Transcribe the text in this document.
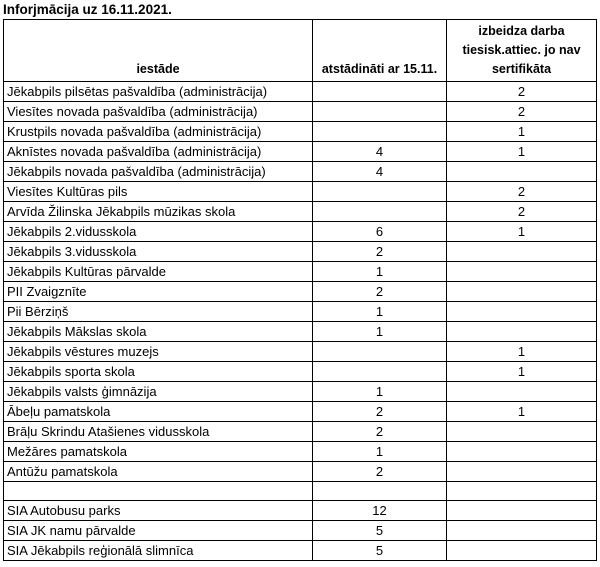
Inforjmācija uz 16.11.2021.
iestāde	atstādināti ar 15.11.	izbeidza darba tiesisk.attiec. jo nav sertifikāta
Jēkabpils pilsētas pašvaldība (administrācija)		2
Viesītes novada pašvaldība (administrācija)		2
Krustpils novada pašvaldība (administrācija)		1
Aknīstes novada pašvaldība (administrācija)	4	1
Jēkabpils novada pašvaldība (administrācija)	4	
Viesītes Kultūras pils		2
Arvīda Žilinska Jēkabpils mūzikas skola		2
Jēkabpils 2.vidusskola	6	1
Jēkabpils 3.vidusskola	2	
Jēkabpils Kultūras pārvalde	1	
PII Zvaigznīte	2	
Pii Bērziņš	1	
Jēkabpils Mākslas skola	1	
Jēkabpils vēstures muzejs		1
Jēkabpils sporta skola		1
Jēkabpils valsts ģimnāzija	1	
Ābeļu pamatskola	2	1
Brāļu Skrindu Atašienes vidusskola	2	
Mežāres pamatskola	1	
Antūžu pamatskola	2	

SIA Autobusu parks	12	
SIA JK namu pārvalde	5	
SIA Jēkabpils reģionālā slimnīca	5	
